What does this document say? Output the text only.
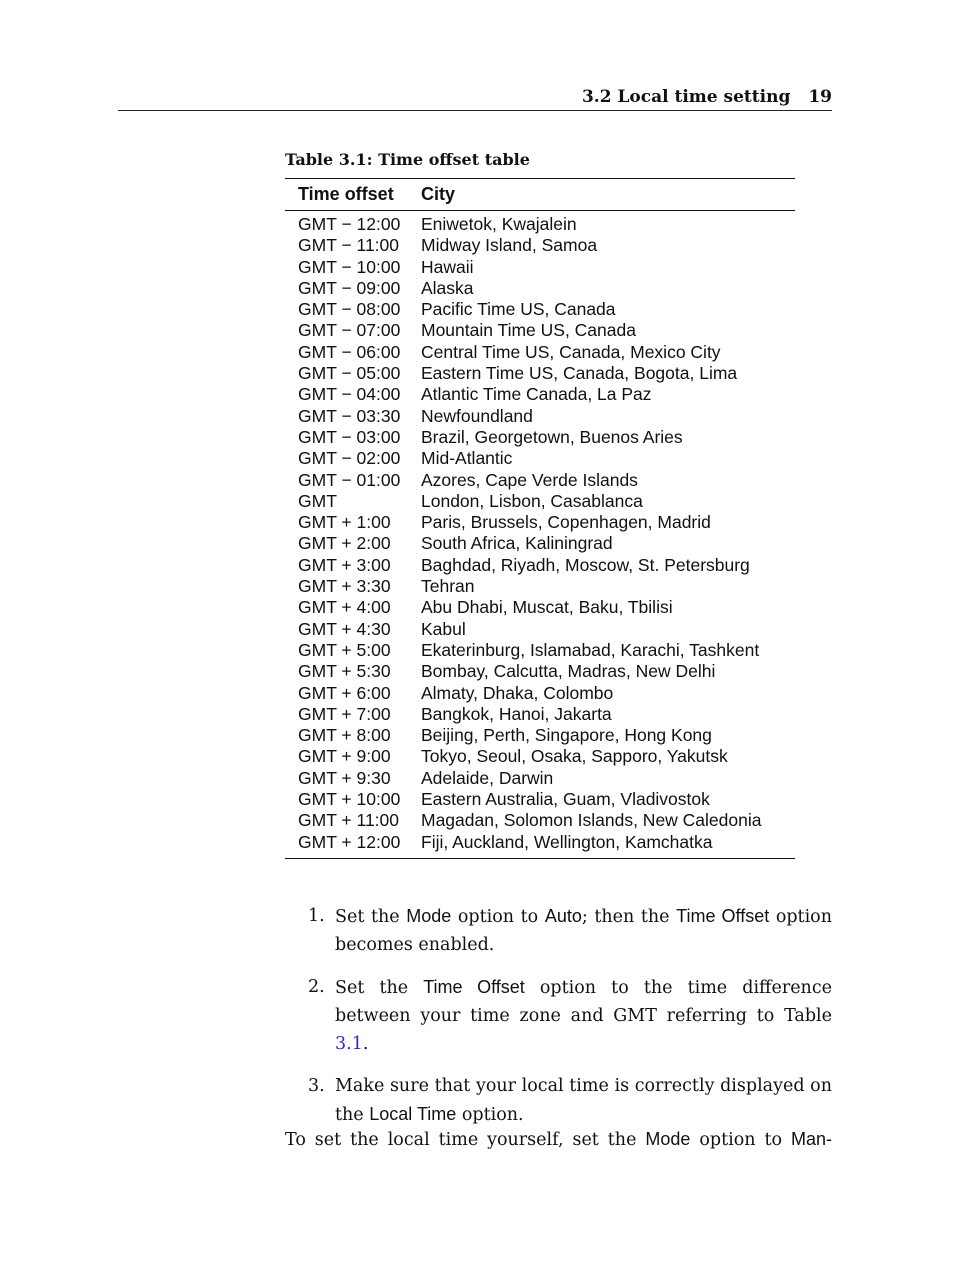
3.2 Local time setting 19
Table 3.1: Time offset table
Time offset	City
GMT − 12:00	Eniwetok, Kwajalein
GMT − 11:00	Midway Island, Samoa
GMT − 10:00	Hawaii
GMT − 09:00	Alaska
GMT − 08:00	Pacific Time US, Canada
GMT − 07:00	Mountain Time US, Canada
GMT − 06:00	Central Time US, Canada, Mexico City
GMT − 05:00	Eastern Time US, Canada, Bogota, Lima
GMT − 04:00	Atlantic Time Canada, La Paz
GMT − 03:30	Newfoundland
GMT − 03:00	Brazil, Georgetown, Buenos Aries
GMT − 02:00	Mid-Atlantic
GMT − 01:00	Azores, Cape Verde Islands
GMT	London, Lisbon, Casablanca
GMT + 1:00	Paris, Brussels, Copenhagen, Madrid
GMT + 2:00	South Africa, Kaliningrad
GMT + 3:00	Baghdad, Riyadh, Moscow, St. Petersburg
GMT + 3:30	Tehran
GMT + 4:00	Abu Dhabi, Muscat, Baku, Tbilisi
GMT + 4:30	Kabul
GMT + 5:00	Ekaterinburg, Islamabad, Karachi, Tashkent
GMT + 5:30	Bombay, Calcutta, Madras, New Delhi
GMT + 6:00	Almaty, Dhaka, Colombo
GMT + 7:00	Bangkok, Hanoi, Jakarta
GMT + 8:00	Beijing, Perth, Singapore, Hong Kong
GMT + 9:00	Tokyo, Seoul, Osaka, Sapporo, Yakutsk
GMT + 9:30	Adelaide, Darwin
GMT + 10:00	Eastern Australia, Guam, Vladivostok
GMT + 11:00	Magadan, Solomon Islands, New Caledonia
GMT + 12:00	Fiji, Auckland, Wellington, Kamchatka
1. Set the Mode option to Auto; then the Time Offset option becomes enabled.
2. Set the Time Offset option to the time difference between your time zone and GMT referring to Table 3.1.
3. Make sure that your local time is correctly displayed on the Local Time option.
To set the local time yourself, set the Mode option to Man-
